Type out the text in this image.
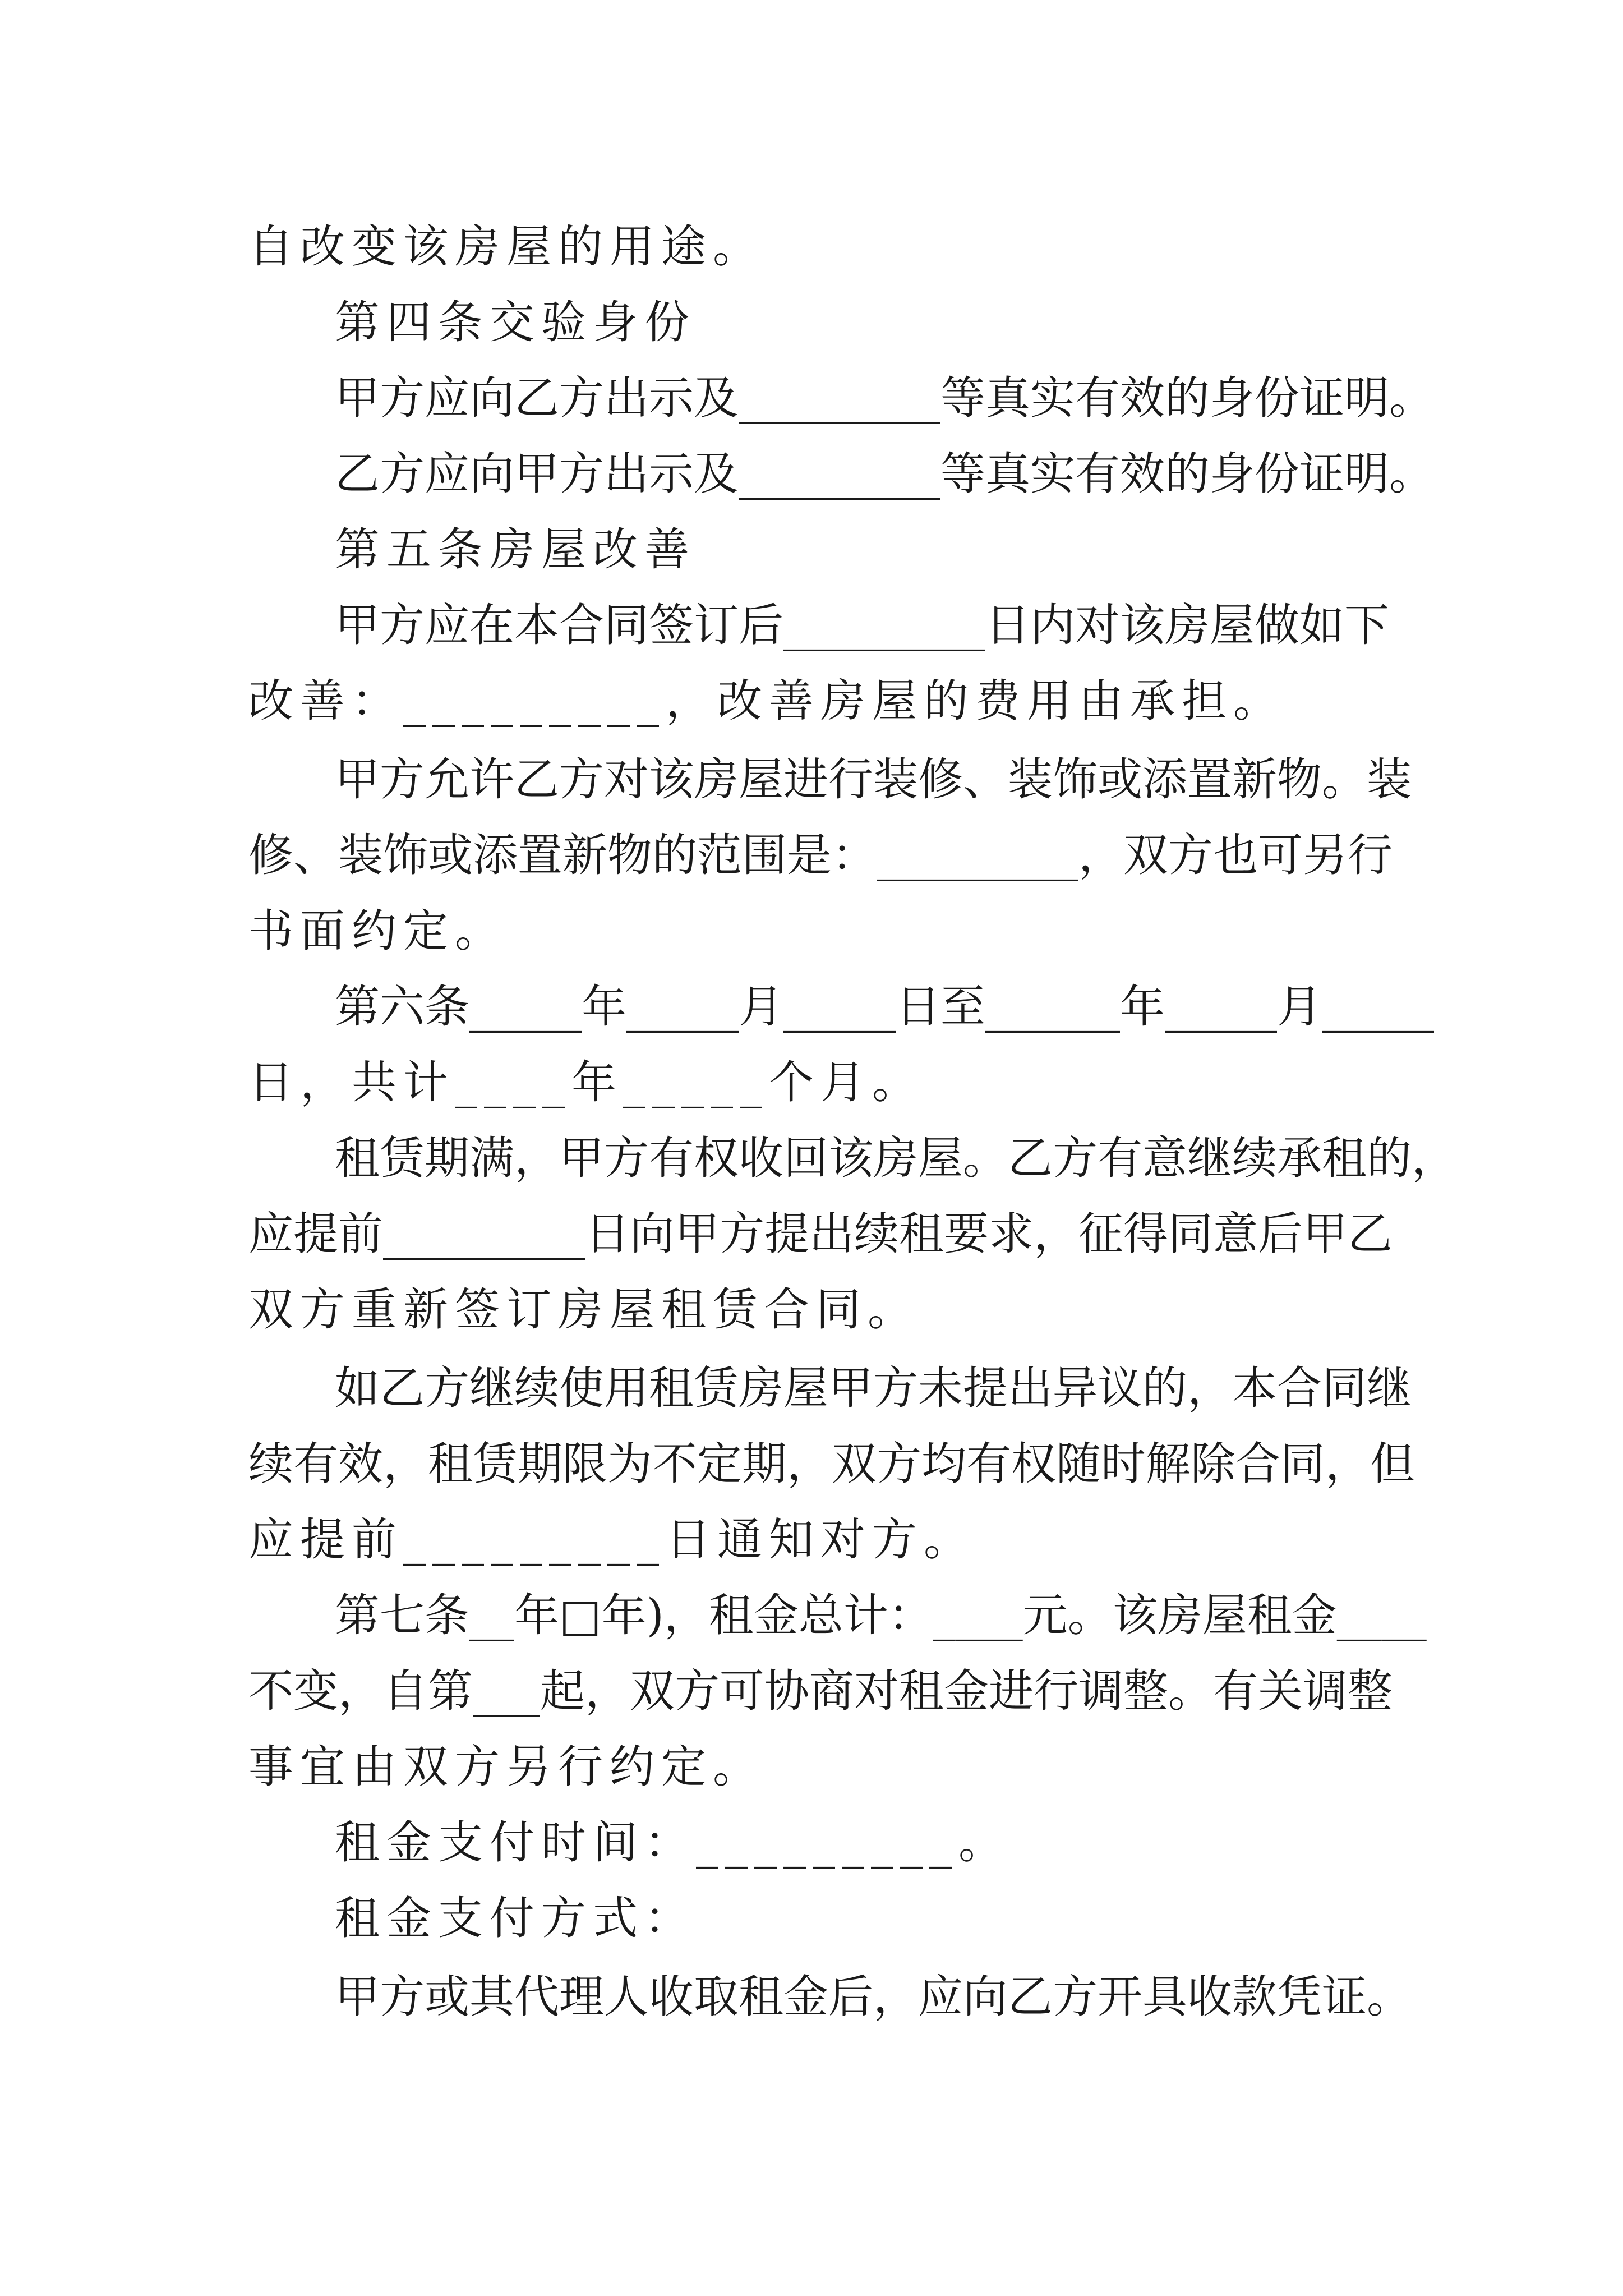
自改变该房屋的用途。
第四条交验身份
甲方应向乙方出示及_________等真实有效的身份证明。
乙方应向甲方出示及_________等真实有效的身份证明。
第五条房屋改善
甲方应在本合同签订后_________日内对该房屋做如下
改善：_________，改善房屋的费用由承担。
甲方允许乙方对该房屋进行装修、装饰或添置新物。装
修、装饰或添置新物的范围是：_________，双方也可另行
书面约定。
第六条_____年_____月_____日至______年_____月_____
日，共计____年_____个月。
租赁期满，甲方有权收回该房屋。乙方有意继续承租的，
应提前_________日向甲方提出续租要求，征得同意后甲乙
双方重新签订房屋租赁合同。
如乙方继续使用租赁房屋甲方未提出异议的，本合同继
续有效，租赁期限为不定期，双方均有权随时解除合同，但
应提前_________日通知对方。
第七条__年□年)，租金总计：____元。该房屋租金____
不变，自第___起，双方可协商对租金进行调整。有关调整
事宜由双方另行约定。
租金支付时间：_________。
租金支付方式：
甲方或其代理人收取租金后，应向乙方开具收款凭证。
